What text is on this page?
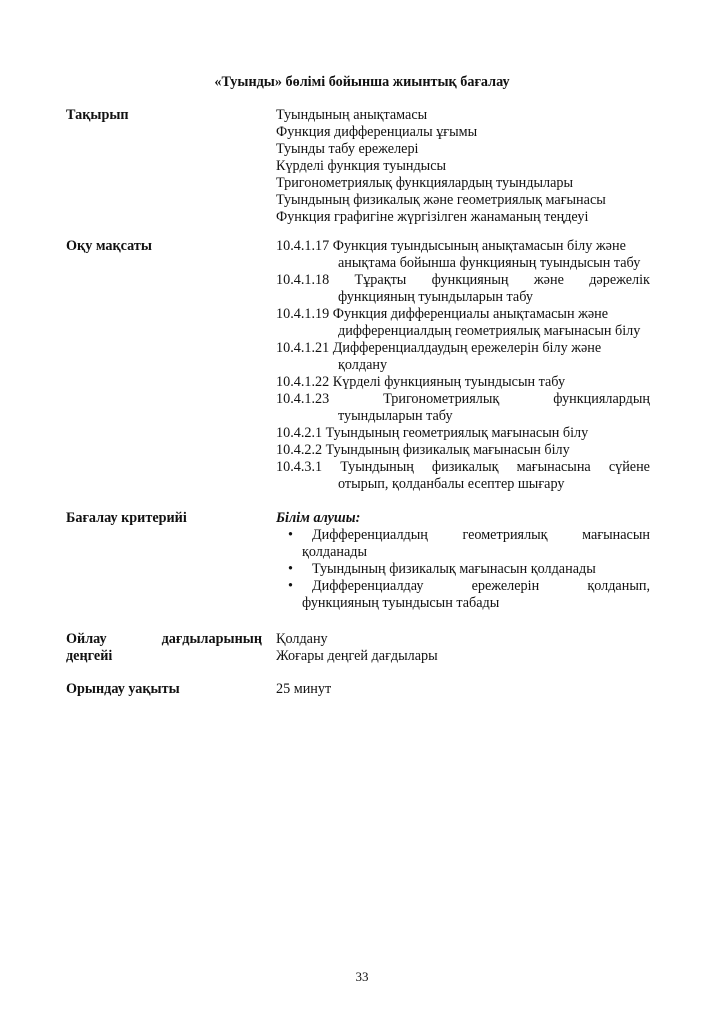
«Туынды» бөлімі бойынша жиынтық бағалау
Тақырып	Туындының анықтамасы
Функция дифференциалы ұғымы
Туынды табу ережелері
Күрделі функция туындысы
Тригонометриялық функциялардың туындылары
Туындының физикалық және геометриялық мағынасы
Функция графигіне жүргізілген жанаманың теңдеуі
Оқу мақсаты	10.4.1.17 Функция туындысының анықтамасын білу және
анықтама бойынша функцияның туындысын табу
10.4.1.18 Тұрақты функцияның және дәрежелік
функцияның туындыларын табу
10.4.1.19 Функция дифференциалы анықтамасын және
дифференциалдың геометриялық мағынасын білу
10.4.1.21 Дифференциалдаудың ережелерін білу және
қолдану
10.4.1.22 Күрделі функцияның туындысын табу
10.4.1.23	Тригонометриялық	функциялардың
туындыларын табу
10.4.2.1 Туындының геометриялық мағынасын білу
10.4.2.2 Туындының физикалық мағынасын білу
10.4.3.1 Туындының физикалық мағынасына сүйене
отырып, қолданбалы есептер шығару
Бағалау критерийі	Білім алушы:
• Дифференциалдың геометриялық мағынасын
қолданады
• Туындының физикалық мағынасын қолданады
• Дифференциалдау	ережелерін	қолданып,
функцияның туындысын табады
Ойлау	дағдыларының
деңгейі
Қолдану
Жоғары деңгей дағдылары
Орындау уақыты	25 минут
33
